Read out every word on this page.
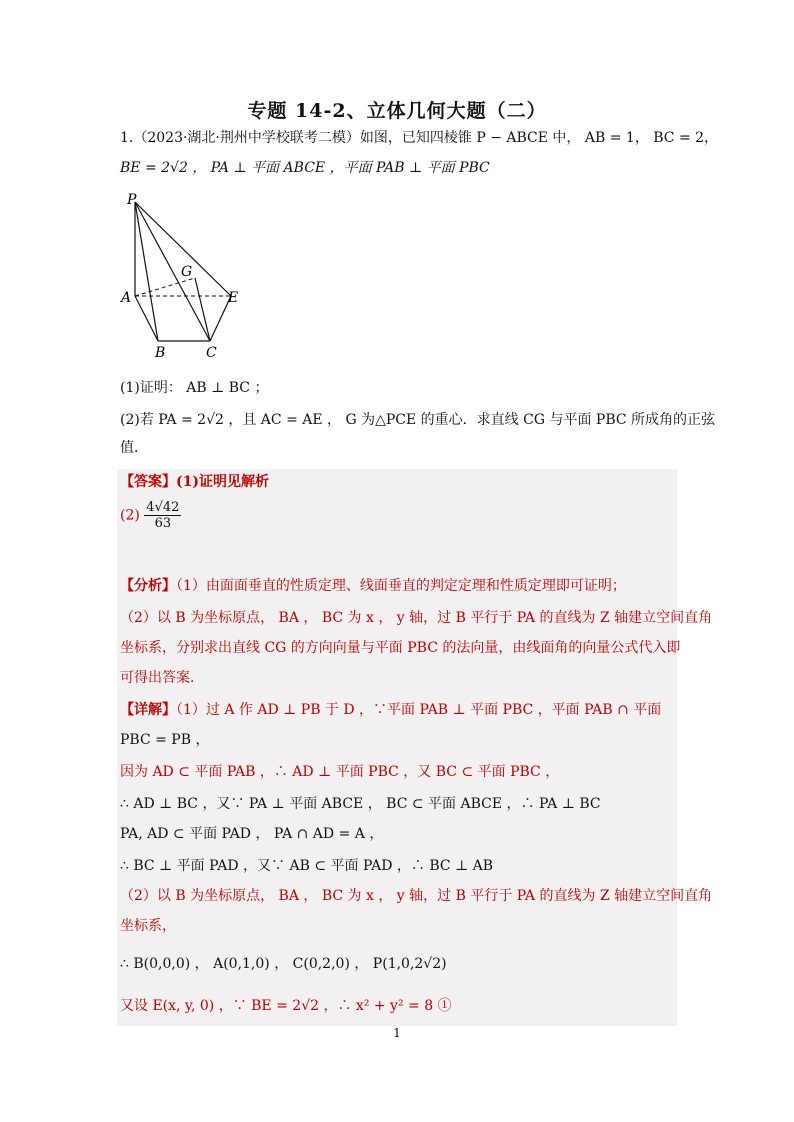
专题 14-2、立体几何大题（二）
1.（2023·湖北·荆州中学校联考二模）如图，已知四棱锥 P − ABCE 中， AB = 1， BC = 2，
BE = 2√2 ， PA ⊥ 平面 ABCE ，平面 PAB ⊥ 平面 PBC
P
A
B	C
E
G
(1)证明： AB ⊥ BC ；
(2)若 PA = 2√2 ，且 AC = AE ， G 为△PCE 的重心．求直线 CG 与平面 PBC 所成角的正弦
值．
【答案】(1)证明见解析
$(2) \frac{4√42}{63}$
【分析】（1）由面面垂直的性质定理、线面垂直的判定定理和性质定理即可证明；
（2）以 B 为坐标原点， BA ， BC 为 x ， y 轴，过 B 平行于 PA 的直线为 Z 轴建立空间直角
坐标系，分别求出直线 CG 的方向向量与平面 PBC 的法向量，由线面角的向量公式代入即
可得出答案.
【详解】（1）过 A 作 AD ⊥ PB 于 D ，∵平面 PAB ⊥ 平面 PBC ，平面 PAB ∩ 平面
PBC = PB ，
因为 AD ⊂ 平面 PAB ，∴ AD ⊥ 平面 PBC ，又 BC ⊂ 平面 PBC ，
∴ AD ⊥ BC ，又∵ PA ⊥ 平面 ABCE ， BC ⊂ 平面 ABCE ，∴ PA ⊥ BC
PA, AD ⊂ 平面 PAD ， PA ∩ AD = A ，
∴ BC ⊥ 平面 PAD ，又∵ AB ⊂ 平面 PAD ，∴ BC ⊥ AB
（2）以 B 为坐标原点， BA ， BC 为 x ， y 轴，过 B 平行于 PA 的直线为 Z 轴建立空间直角
坐标系，
∴ B(0,0,0) ， A(0,1,0) ， C(0,2,0) ， P(1,0,2√2)
又设 E(x, y, 0) ，∵ BE = 2√2 ，∴ x² + y² = 8 ①
1
